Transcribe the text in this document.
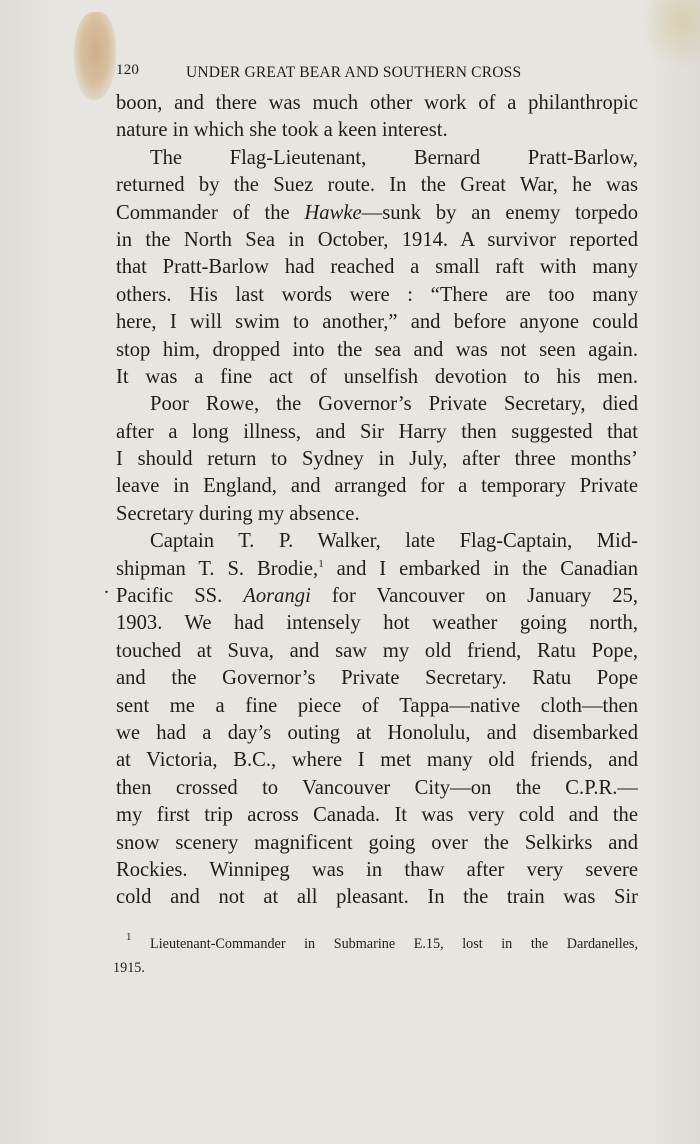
120	UNDER GREAT BEAR AND SOUTHERN CROSS
.
boon, and there was much other work of a philanthropic
nature in which she took a keen interest.
The Flag-Lieutenant, Bernard Pratt-Barlow,
returned by the Suez route. In the Great War, he was
Commander of the Hawke—sunk by an enemy torpedo
in the North Sea in October, 1914. A survivor reported
that Pratt-Barlow had reached a small raft with many
others. His last words were : “There are too many
here, I will swim to another,” and before anyone could
stop him, dropped into the sea and was not seen again.
It was a fine act of unselfish devotion to his men.
Poor Rowe, the Governor’s Private Secretary, died
after a long illness, and Sir Harry then suggested that
I should return to Sydney in July, after three months’
leave in England, and arranged for a temporary Private
Secretary during my absence.
Captain T. P. Walker, late Flag-Captain, Mid-
shipman T. S. Brodie,$^1$ and I embarked in the Canadian
Pacific SS. Aorangi for Vancouver on January 25,
1903. We had intensely hot weather going north,
touched at Suva, and saw my old friend, Ratu Pope,
and the Governor’s Private Secretary. Ratu Pope
sent me a fine piece of Tappa—native cloth—then
we had a day’s outing at Honolulu, and disembarked
at Victoria, B.C., where I met many old friends, and
then crossed to Vancouver City—on the C.P.R.—
my first trip across Canada. It was very cold and the
snow scenery magnificent going over the Selkirks and
Rockies. Winnipeg was in thaw after very severe
cold and not at all pleasant. In the train was Sir
$^1$ Lieutenant-Commander in Submarine E.15, lost in the Dardanelles,
1915.
